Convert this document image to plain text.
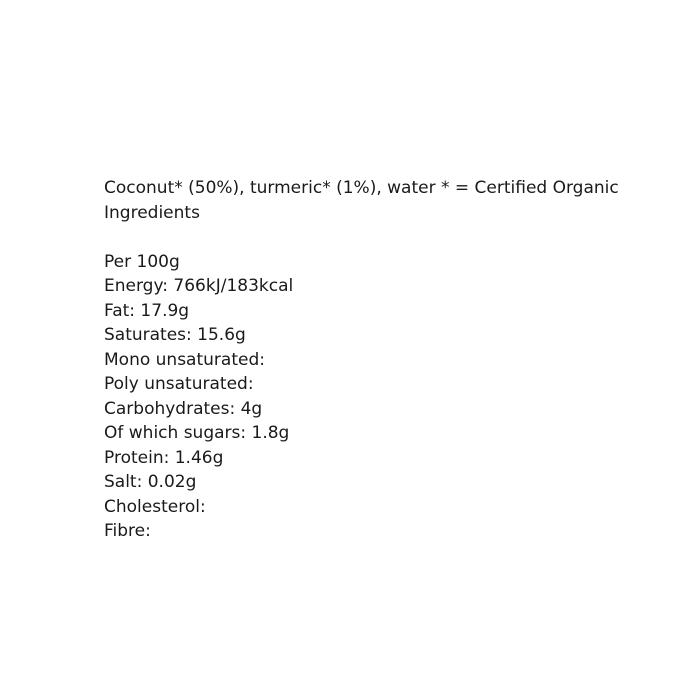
Coconut* (50%), turmeric* (1%), water * = Certified Organic Ingredients

Per 100g
Energy: 766kJ/183kcal
Fat: 17.9g
Saturates: 15.6g
Mono unsaturated:
Poly unsaturated:
Carbohydrates: 4g
Of which sugars: 1.8g
Protein: 1.46g
Salt: 0.02g
Cholesterol:
Fibre:
